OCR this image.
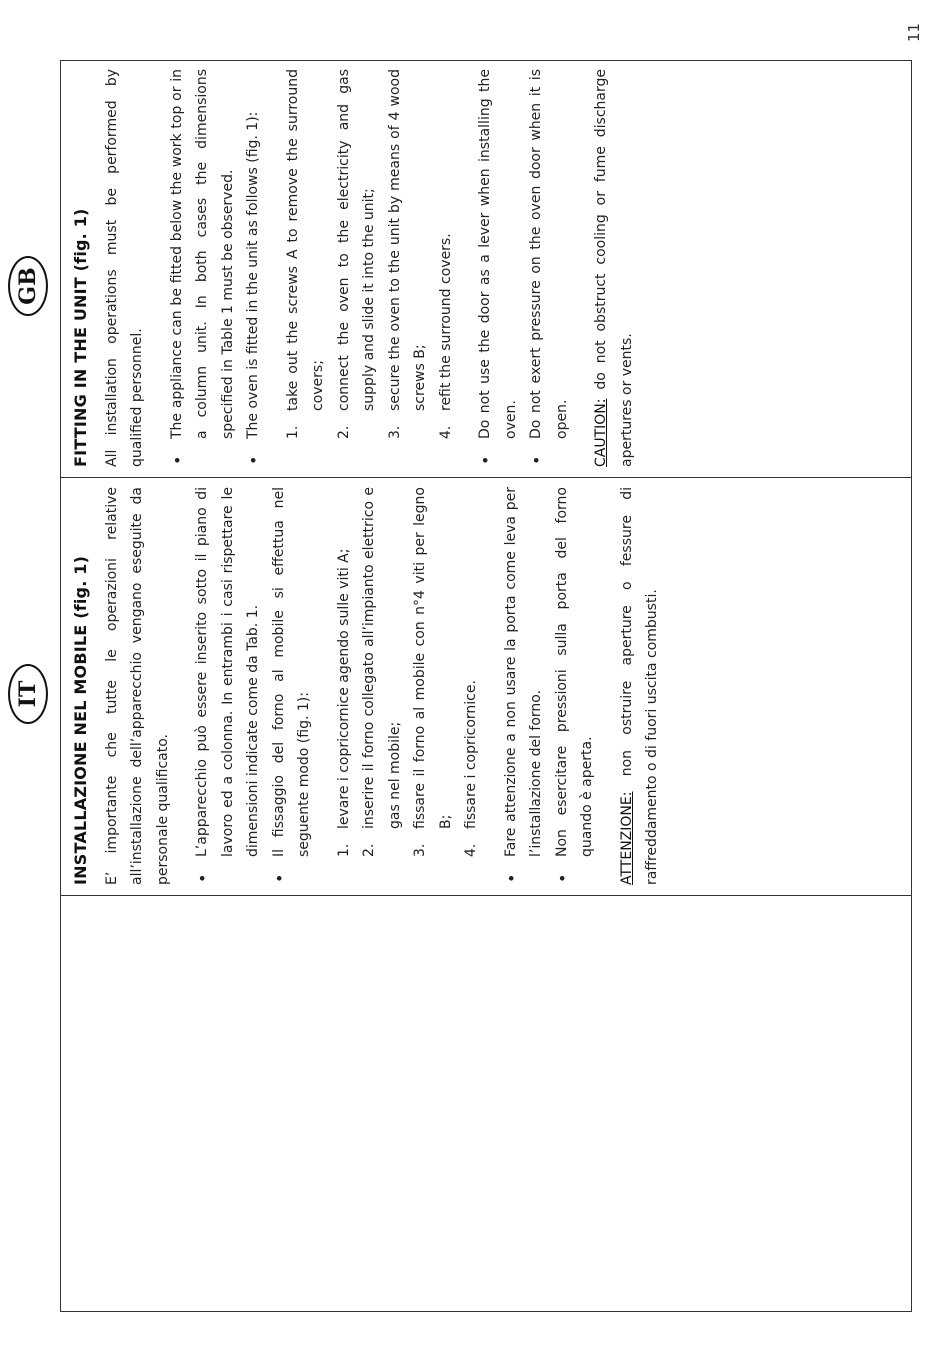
11
IT
GB
INSTALLAZIONE NEL MOBILE (fig. 1) E’ importante che tutte le operazioni relative all’installazione dell’apparecchio vengano eseguite da personale qualificato.	• L’apparecchio può essere inserito sotto il piano di lavoro ed a colonna. In entrambi i casi rispettare le dimensioni indicate come da Tab. 1. • Il fissaggio del forno al mobile si effettua nel seguente modo (fig. 1):	1.
levare i copricornice agendo sulle viti A;
2.
inserire il forno collegato all’impianto elettrico e gas nel mobile;
3.
fissare il forno al mobile con n°4 viti per legno B;
4.
fissare i copricornice.	• Fare attenzione a non usare la porta come leva per l’installazione del forno. • Non esercitare pressioni sulla porta del forno quando è aperta.	ATTENZIONE: non ostruire aperture o fessure di raffreddamento o di fuori uscita combusti.

FITTING IN THE UNIT (fig. 1) All installation operations must be performed by qualified personnel.	• The appliance can be fitted below the work top or in a column unit. In both cases the dimensions specified in Table 1 must be observed. • The oven is fitted in the unit as follows (fig. 1):	1.
take out the screws A to remove the surround covers;
2.
connect the oven to the electricity and gas supply and slide it into the unit;
3.
secure the oven to the unit by means of 4 wood screws B;
4.
refit the surround covers.	• Do not use the door as a lever when installing the oven. • Do not exert pressure on the oven door when it is open.	CAUTION: do not obstruct cooling or fume discharge apertures or vents.
